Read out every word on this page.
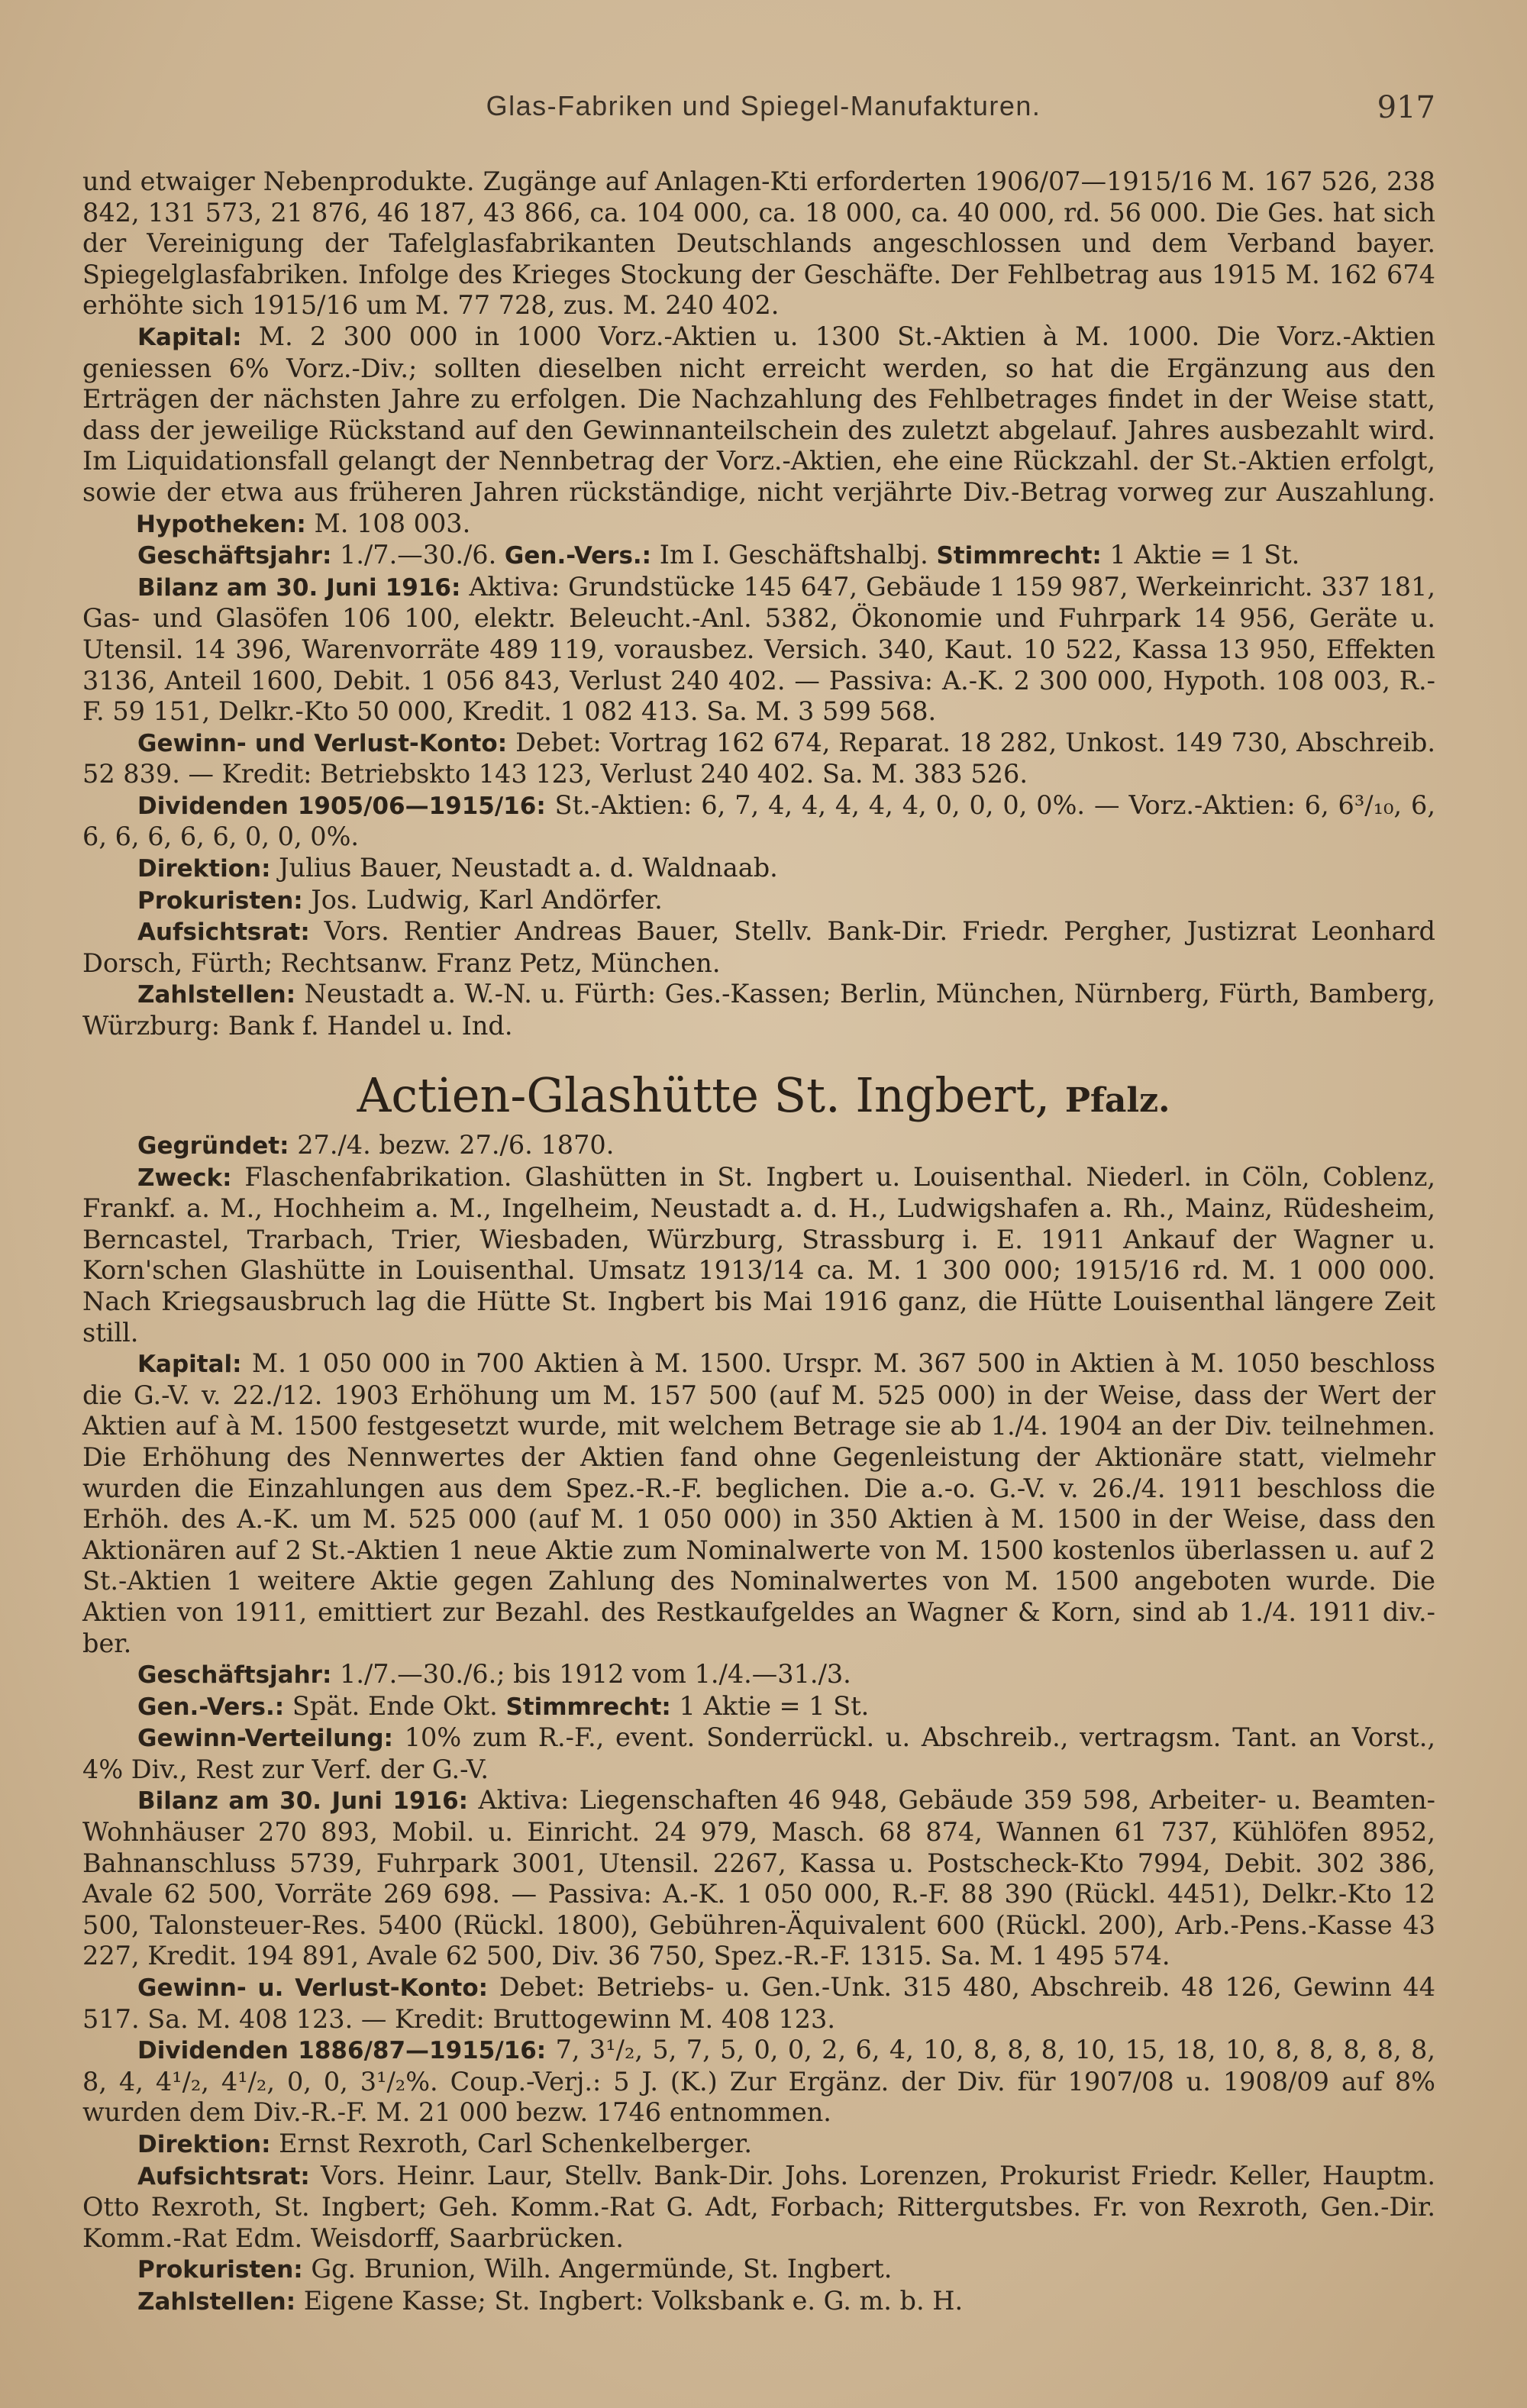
Glas-Fabriken und Spiegel-Manufakturen.	917

und etwaiger Nebenprodukte. Zugänge auf Anlagen-Kti erforderten 1906/07—1915/16 M. 167 526, 238 842, 131 573, 21 876, 46 187, 43 866, ca. 104 000, ca. 18 000, ca. 40 000, rd. 56 000. Die Ges. hat sich der Vereinigung der Tafelglasfabrikanten Deutschlands angeschlossen und dem Verband bayer. Spiegelglasfabriken. Infolge des Krieges Stockung der Geschäfte. Der Fehlbetrag aus 1915 M. 162 674 erhöhte sich 1915/16 um M. 77 728, zus. M. 240 402.

Kapital: M. 2 300 000 in 1000 Vorz.-Aktien u. 1300 St.-Aktien à M. 1000. Die Vorz.-Aktien geniessen 6% Vorz.-Div.; sollten dieselben nicht erreicht werden, so hat die Ergänzung aus den Erträgen der nächsten Jahre zu erfolgen. Die Nachzahlung des Fehlbetrages findet in der Weise statt, dass der jeweilige Rückstand auf den Gewinnanteilschein des zuletzt abgelauf. Jahres ausbezahlt wird. Im Liquidationsfall gelangt der Nennbetrag der Vorz.-Aktien, ehe eine Rückzahl. der St.-Aktien erfolgt, sowie der etwa aus früheren Jahren rückständige, nicht verjährte Div.-Betrag vorweg zur Auszahlung. Hypotheken: M. 108 003.

Geschäftsjahr: 1./7.—30./6. Gen.-Vers.: Im I. Geschäftshalbj. Stimmrecht: 1 Aktie = 1 St.

Bilanz am 30. Juni 1916: Aktiva: Grundstücke 145 647, Gebäude 1 159 987, Werkeinricht. 337 181, Gas- und Glasöfen 106 100, elektr. Beleucht.-Anl. 5382, Ökonomie und Fuhrpark 14 956, Geräte u. Utensil. 14 396, Warenvorräte 489 119, vorausbez. Versich. 340, Kaut. 10 522, Kassa 13 950, Effekten 3136, Anteil 1600, Debit. 1 056 843, Verlust 240 402. — Passiva: A.-K. 2 300 000, Hypoth. 108 003, R.-F. 59 151, Delkr.-Kto 50 000, Kredit. 1 082 413. Sa. M. 3 599 568.

Gewinn- und Verlust-Konto: Debet: Vortrag 162 674, Reparat. 18 282, Unkost. 149 730, Abschreib. 52 839. — Kredit: Betriebskto 143 123, Verlust 240 402. Sa. M. 383 526.

Dividenden 1905/06—1915/16: St.-Aktien: 6, 7, 4, 4, 4, 4, 4, 0, 0, 0, 0%. — Vorz.-Aktien: 6, 6³/₁₀, 6, 6, 6, 6, 6, 6, 0, 0, 0%.

Direktion: Julius Bauer, Neustadt a. d. Waldnaab.

Prokuristen: Jos. Ludwig, Karl Andörfer.

Aufsichtsrat: Vors. Rentier Andreas Bauer, Stellv. Bank-Dir. Friedr. Pergher, Justizrat Leonhard Dorsch, Fürth; Rechtsanw. Franz Petz, München.

Zahlstellen: Neustadt a. W.-N. u. Fürth: Ges.-Kassen; Berlin, München, Nürnberg, Fürth, Bamberg, Würzburg: Bank f. Handel u. Ind.

Actien-Glashütte St. Ingbert, Pfalz.

Gegründet: 27./4. bezw. 27./6. 1870.

Zweck: Flaschenfabrikation. Glashütten in St. Ingbert u. Louisenthal. Niederl. in Cöln, Coblenz, Frankf. a. M., Hochheim a. M., Ingelheim, Neustadt a. d. H., Ludwigshafen a. Rh., Mainz, Rüdesheim, Berncastel, Trarbach, Trier, Wiesbaden, Würzburg, Strassburg i. E. 1911 Ankauf der Wagner u. Korn'schen Glashütte in Louisenthal. Umsatz 1913/14 ca. M. 1 300 000; 1915/16 rd. M. 1 000 000. Nach Kriegsausbruch lag die Hütte St. Ingbert bis Mai 1916 ganz, die Hütte Louisenthal längere Zeit still.

Kapital: M. 1 050 000 in 700 Aktien à M. 1500. Urspr. M. 367 500 in Aktien à M. 1050 beschloss die G.-V. v. 22./12. 1903 Erhöhung um M. 157 500 (auf M. 525 000) in der Weise, dass der Wert der Aktien auf à M. 1500 festgesetzt wurde, mit welchem Betrage sie ab 1./4. 1904 an der Div. teilnehmen. Die Erhöhung des Nennwertes der Aktien fand ohne Gegenleistung der Aktionäre statt, vielmehr wurden die Einzahlungen aus dem Spez.-R.-F. beglichen. Die a.-o. G.-V. v. 26./4. 1911 beschloss die Erhöh. des A.-K. um M. 525 000 (auf M. 1 050 000) in 350 Aktien à M. 1500 in der Weise, dass den Aktionären auf 2 St.-Aktien 1 neue Aktie zum Nominalwerte von M. 1500 kostenlos überlassen u. auf 2 St.-Aktien 1 weitere Aktie gegen Zahlung des Nominalwertes von M. 1500 angeboten wurde. Die Aktien von 1911, emittiert zur Bezahl. des Restkaufgeldes an Wagner & Korn, sind ab 1./4. 1911 div.-ber.

Geschäftsjahr: 1./7.—30./6.; bis 1912 vom 1./4.—31./3.

Gen.-Vers.: Spät. Ende Okt. Stimmrecht: 1 Aktie = 1 St.

Gewinn-Verteilung: 10% zum R.-F., event. Sonderrückl. u. Abschreib., vertragsm. Tant. an Vorst., 4% Div., Rest zur Verf. der G.-V.

Bilanz am 30. Juni 1916: Aktiva: Liegenschaften 46 948, Gebäude 359 598, Arbeiter- u. Beamten-Wohnhäuser 270 893, Mobil. u. Einricht. 24 979, Masch. 68 874, Wannen 61 737, Kühlöfen 8952, Bahnanschluss 5739, Fuhrpark 3001, Utensil. 2267, Kassa u. Postscheck-Kto 7994, Debit. 302 386, Avale 62 500, Vorräte 269 698. — Passiva: A.-K. 1 050 000, R.-F. 88 390 (Rückl. 4451), Delkr.-Kto 12 500, Talonsteuer-Res. 5400 (Rückl. 1800), Gebühren-Äquivalent 600 (Rückl. 200), Arb.-Pens.-Kasse 43 227, Kredit. 194 891, Avale 62 500, Div. 36 750, Spez.-R.-F. 1315. Sa. M. 1 495 574.

Gewinn- u. Verlust-Konto: Debet: Betriebs- u. Gen.-Unk. 315 480, Abschreib. 48 126, Gewinn 44 517. Sa. M. 408 123. — Kredit: Bruttogewinn M. 408 123.

Dividenden 1886/87—1915/16: 7, 3¹/₂, 5, 7, 5, 0, 0, 2, 6, 4, 10, 8, 8, 8, 10, 15, 18, 10, 8, 8, 8, 8, 8, 8, 4, 4¹/₂, 4¹/₂, 0, 0, 3¹/₂%. Coup.-Verj.: 5 J. (K.) Zur Ergänz. der Div. für 1907/08 u. 1908/09 auf 8% wurden dem Div.-R.-F. M. 21 000 bezw. 1746 entnommen.

Direktion: Ernst Rexroth, Carl Schenkelberger.

Aufsichtsrat: Vors. Heinr. Laur, Stellv. Bank-Dir. Johs. Lorenzen, Prokurist Friedr. Keller, Hauptm. Otto Rexroth, St. Ingbert; Geh. Komm.-Rat G. Adt, Forbach; Rittergutsbes. Fr. von Rexroth, Gen.-Dir. Komm.-Rat Edm. Weisdorff, Saarbrücken.

Prokuristen: Gg. Brunion, Wilh. Angermünde, St. Ingbert.

Zahlstellen: Eigene Kasse; St. Ingbert: Volksbank e. G. m. b. H.
